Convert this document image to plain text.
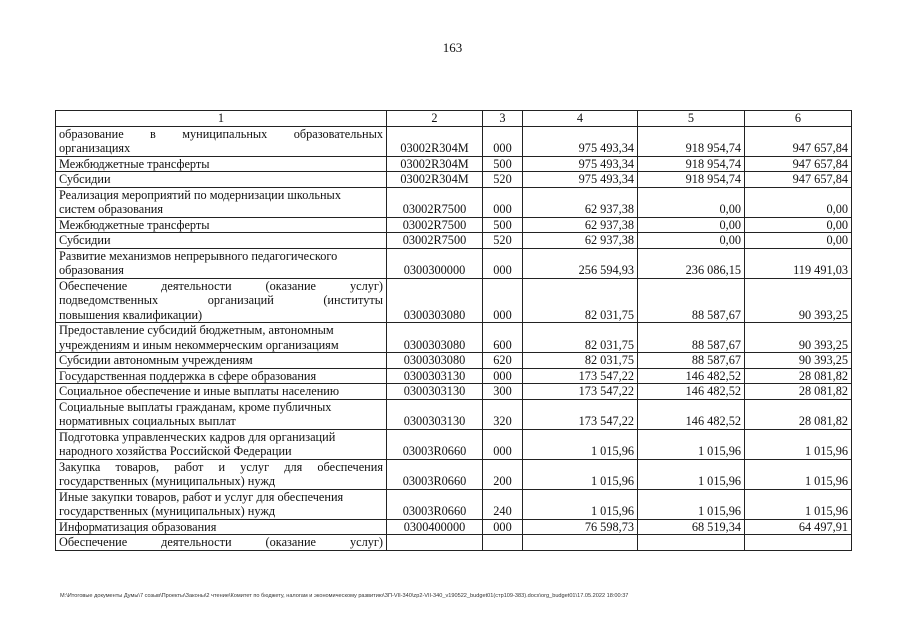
163
1	2	3	4	5	6

образование в муниципальных образовательных
организациях	03002R304M	000	975 493,34	918 954,74	947 657,84

Межбюджетные трансферты	03002R304M	500	975 493,34	918 954,74	947 657,84

Субсидии	03002R304M	520	975 493,34	918 954,74	947 657,84

Реализация мероприятий по модернизации школьных
систем образования	03002R7500	000	62 937,38	0,00	0,00

Межбюджетные трансферты	03002R7500	500	62 937,38	0,00	0,00

Субсидии	03002R7500	520	62 937,38	0,00	0,00

Развитие механизмов непрерывного педагогического
образования	0300300000	000	256 594,93	236 086,15	119 491,03

Обеспечение деятельности (оказание услуг)
подведомственных организаций (институты
повышения квалификации)	0300303080	000	82 031,75	88 587,67	90 393,25

Предоставление субсидий бюджетным, автономным
учреждениям и иным некоммерческим организациям	0300303080	600	82 031,75	88 587,67	90 393,25

Субсидии автономным учреждениям	0300303080	620	82 031,75	88 587,67	90 393,25

Государственная поддержка в сфере образования	0300303130	000	173 547,22	146 482,52	28 081,82

Социальное обеспечение и иные выплаты населению	0300303130	300	173 547,22	146 482,52	28 081,82

Социальные выплаты гражданам, кроме публичных
нормативных социальных выплат	0300303130	320	173 547,22	146 482,52	28 081,82

Подготовка управленческих кадров для организаций
народного хозяйства Российской Федерации	03003R0660	000	1 015,96	1 015,96	1 015,96

Закупка товаров, работ и услуг для обеспечения
государственных (муниципальных) нужд	03003R0660	200	1 015,96	1 015,96	1 015,96

Иные закупки товаров, работ и услуг для обеспечения
государственных (муниципальных) нужд	03003R0660	240	1 015,96	1 015,96	1 015,96

Информатизация образования	0300400000	000	76 598,73	68 519,34	64 497,91

Обеспечение деятельности (оказание услуг)					

M:\Итоговые документы Думы\7 созыв\Проекты\Законы\2 чтение\Комитет по бюджету, налогам и экономическому развитию\ЗП-VII-340\zp2-VII-340_v190522_budget01(стр109-383).docx\org_budget01\17.05.2022 18:00:37
